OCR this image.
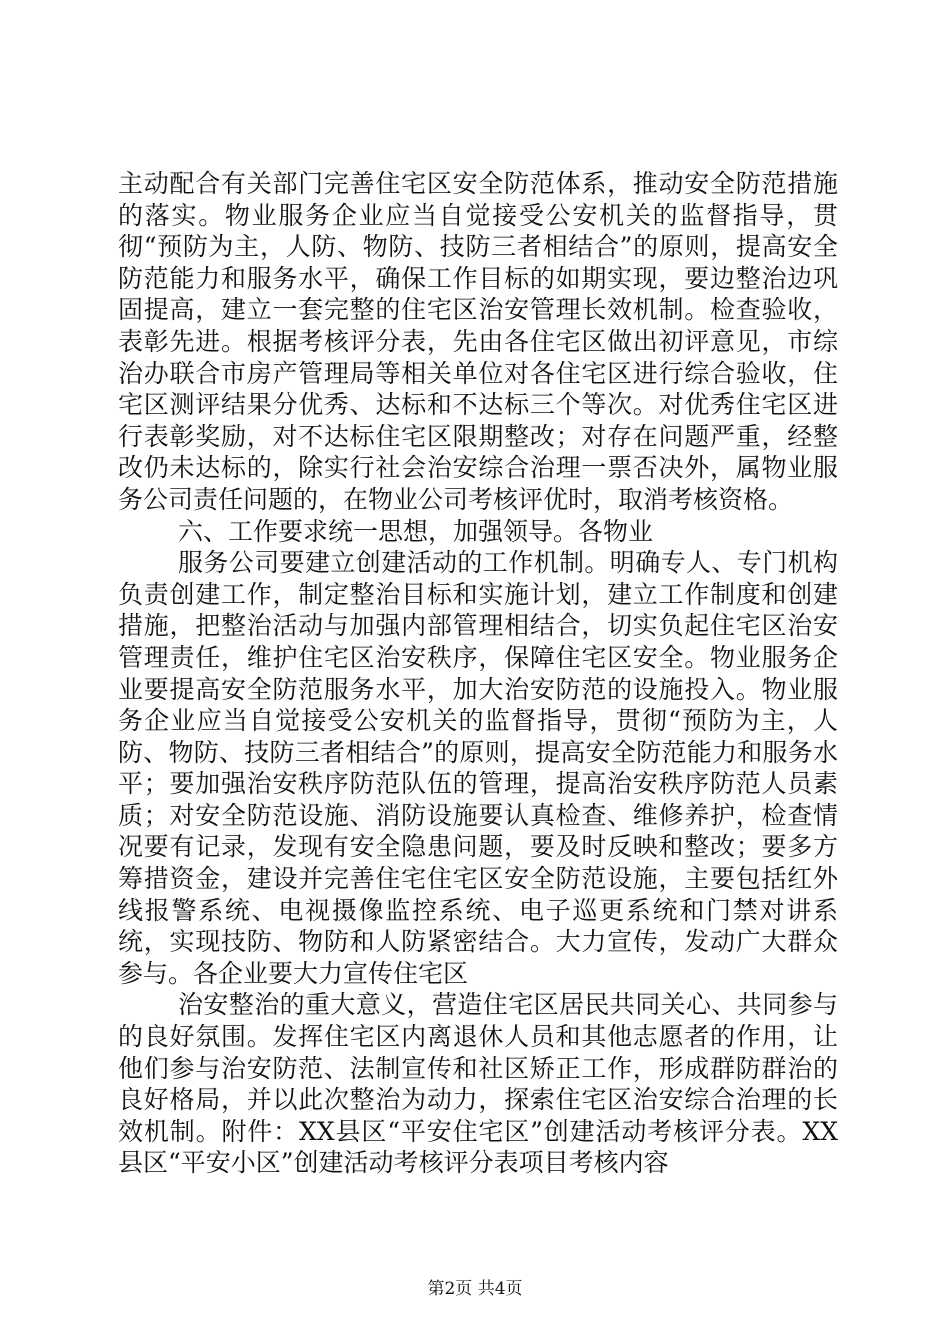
主动配合有关部门完善住宅区安全防范体系，推动安全防范措施的落实。物业服务企业应当自觉接受公安机关的监督指导，贯彻“预防为主，人防、物防、技防三者相结合”的原则，提高安全防范能力和服务水平，确保工作目标的如期实现，要边整治边巩固提高，建立一套完整的住宅区治安管理长效机制。检查验收，表彰先进。根据考核评分表，先由各住宅区做出初评意见，市综治办联合市房产管理局等相关单位对各住宅区进行综合验收，住宅区测评结果分优秀、达标和不达标三个等次。对优秀住宅区进行表彰奖励，对不达标住宅区限期整改；对存在问题严重，经整改仍未达标的，除实行社会治安综合治理一票否决外，属物业服务公司责任问题的，在物业公司考核评优时，取消考核资格。

六、工作要求统一思想，加强领导。各物业

服务公司要建立创建活动的工作机制。明确专人、专门机构负责创建工作，制定整治目标和实施计划，建立工作制度和创建措施，把整治活动与加强内部管理相结合，切实负起住宅区治安管理责任，维护住宅区治安秩序，保障住宅区安全。物业服务企业要提高安全防范服务水平，加大治安防范的设施投入。物业服务企业应当自觉接受公安机关的监督指导，贯彻“预防为主，人防、物防、技防三者相结合”的原则，提高安全防范能力和服务水平；要加强治安秩序防范队伍的管理，提高治安秩序防范人员素质；对安全防范设施、消防设施要认真检查、维修养护，检查情况要有记录，发现有安全隐患问题，要及时反映和整改；要多方筹措资金，建设并完善住宅住宅区安全防范设施，主要包括红外线报警系统、电视摄像监控系统、电子巡更系统和门禁对讲系统，实现技防、物防和人防紧密结合。大力宣传，发动广大群众参与。各企业要大力宣传住宅区

治安整治的重大意义，营造住宅区居民共同关心、共同参与的良好氛围。发挥住宅区内离退休人员和其他志愿者的作用，让他们参与治安防范、法制宣传和社区矫正工作，形成群防群治的良好格局，并以此次整治为动力，探索住宅区治安综合治理的长效机制。附件：XX县区“平安住宅区”创建活动考核评分表。XX县区“平安小区”创建活动考核评分表项目考核内容

第2页 共4页
